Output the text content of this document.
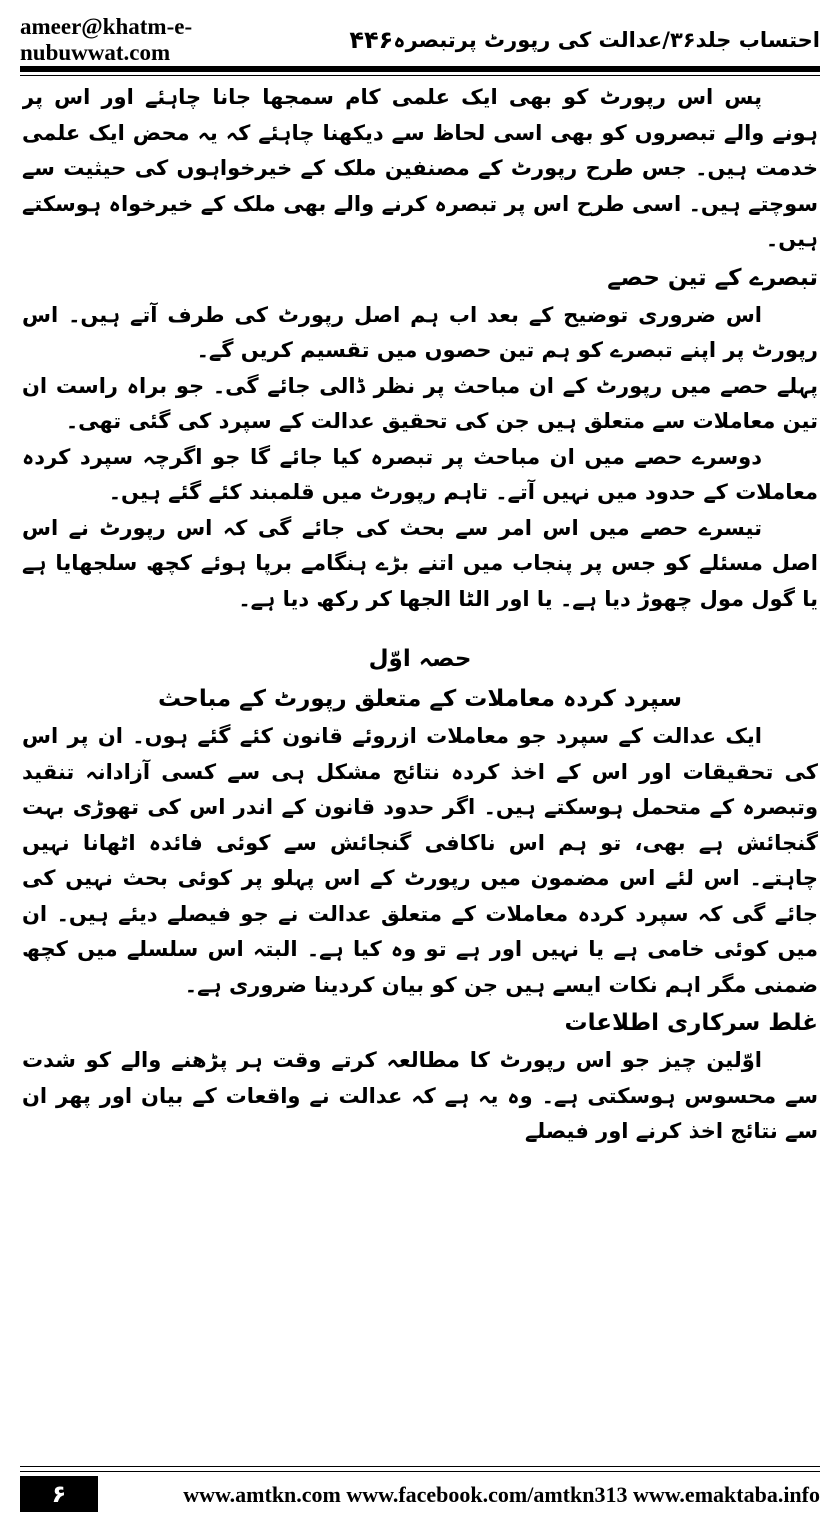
ameer@khatm-e-nubuwwat.com	۴۴۶ احتساب جلد۳۶/عدالت کی رپورٹ پرتبصرہ

پس اس رپورٹ کو بھی ایک علمی کام سمجھا جانا چاہئے اور اس پر ہونے والے تبصروں کو بھی اسی لحاظ سے دیکھنا چاہئے کہ یہ محض ایک علمی خدمت ہیں۔ جس طرح رپورٹ کے مصنفین ملک کے خیرخواہوں کی حیثیت سے سوچتے ہیں۔ اسی طرح اس پر تبصرہ کرنے والے بھی ملک کے خیرخواہ ہوسکتے ہیں۔

تبصرے کے تین حصے

اس ضروری توضیح کے بعد اب ہم اصل رپورٹ کی طرف آتے ہیں۔ اس رپورٹ پر اپنے تبصرے کو ہم تین حصوں میں تقسیم کریں گے۔

پہلے حصے میں رپورٹ کے ان مباحث پر نظر ڈالی جائے گی۔ جو براہ راست ان تین معاملات سے متعلق ہیں جن کی تحقیق عدالت کے سپرد کی گئی تھی۔

دوسرے حصے میں ان مباحث پر تبصرہ کیا جائے گا جو اگرچہ سپرد کردہ معاملات کے حدود میں نہیں آتے۔ تاہم رپورٹ میں قلمبند کئے گئے ہیں۔

تیسرے حصے میں اس امر سے بحث کی جائے گی کہ اس رپورٹ نے اس اصل مسئلے کو جس پر پنجاب میں اتنے بڑے ہنگامے برپا ہوئے کچھ سلجھایا ہے یا گول مول چھوڑ دیا ہے۔ یا اور الٹا الجھا کر رکھ دیا ہے۔

حصہ اوّل
سپرد کردہ معاملات کے متعلق رپورٹ کے مباحث

ایک عدالت کے سپرد جو معاملات ازروئے قانون کئے گئے ہوں۔ ان پر اس کی تحقیقات اور اس کے اخذ کردہ نتائج مشکل ہی سے کسی آزادانہ تنقید وتبصرہ کے متحمل ہوسکتے ہیں۔ اگر حدود قانون کے اندر اس کی تھوڑی بہت گنجائش ہے بھی، تو ہم اس ناکافی گنجائش سے کوئی فائدہ اٹھانا نہیں چاہتے۔ اس لئے اس مضمون میں رپورٹ کے اس پہلو پر کوئی بحث نہیں کی جائے گی کہ سپرد کردہ معاملات کے متعلق عدالت نے جو فیصلے دیئے ہیں۔ ان میں کوئی خامی ہے یا نہیں اور ہے تو وہ کیا ہے۔ البتہ اس سلسلے میں کچھ ضمنی مگر اہم نکات ایسے ہیں جن کو بیان کردینا ضروری ہے۔

غلط سرکاری اطلاعات

اوّلین چیز جو اس رپورٹ کا مطالعہ کرتے وقت ہر پڑھنے والے کو شدت سے محسوس ہوسکتی ہے۔ وہ یہ ہے کہ عدالت نے واقعات کے بیان اور پھر ان سے نتائج اخذ کرنے اور فیصلے

۶	www.amtkn.com www.facebook.com/amtkn313 www.emaktaba.info
